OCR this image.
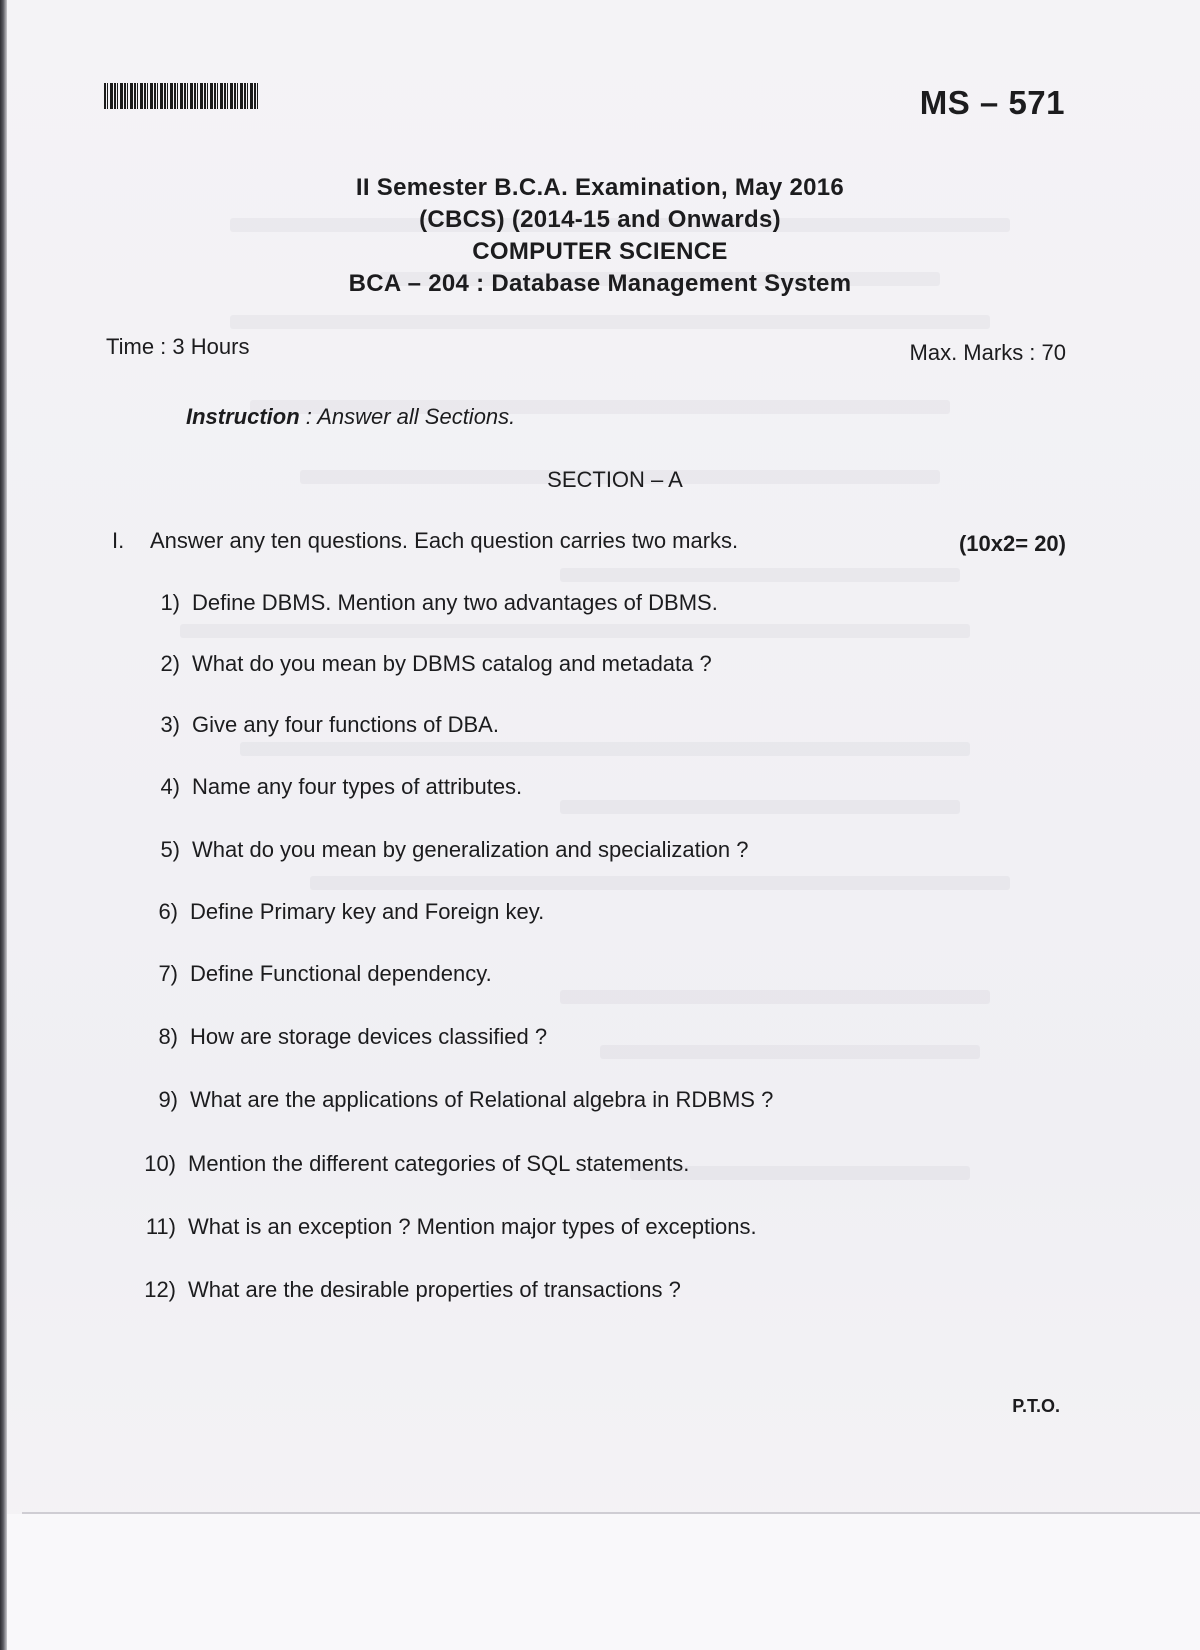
MS – 571
II Semester B.C.A. Examination, May 2016
(CBCS) (2014-15 and Onwards)
COMPUTER SCIENCE
BCA – 204 : Database Management System
Time : 3 Hours	Max. Marks : 70
Instruction : Answer all Sections.
SECTION – A
I. Answer any ten questions. Each question carries two marks.	(10x2= 20)
1) Define DBMS. Mention any two advantages of DBMS.
2) What do you mean by DBMS catalog and metadata ?
3) Give any four functions of DBA.
4) Name any four types of attributes.
5) What do you mean by generalization and specialization ?
6) Define Primary key and Foreign key.
7) Define Functional dependency.
8) How are storage devices classified ?
9) What are the applications of Relational algebra in RDBMS ?
10) Mention the different categories of SQL statements.
11) What is an exception ? Mention major types of exceptions.
12) What are the desirable properties of transactions ?
P.T.O.
